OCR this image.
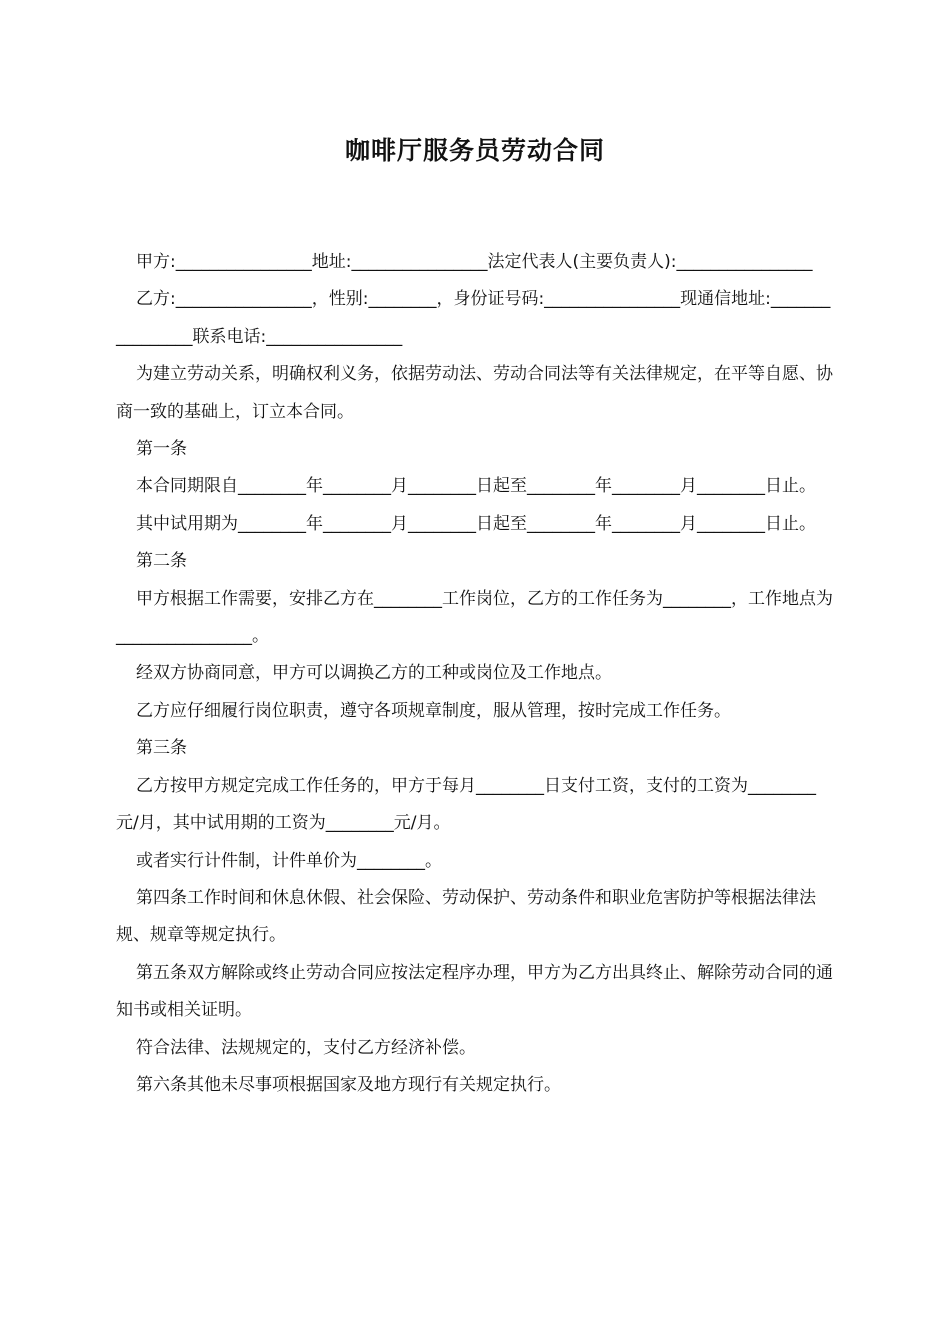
咖啡厅服务员劳动合同

甲方:________________地址:________________法定代表人(主要负责人):________________

乙方:________________，性别:________，身份证号码:________________现通信地址:________________联系电话:________________

为建立劳动关系，明确权利义务，依据劳动法、劳动合同法等有关法律规定，在平等自愿、协商一致的基础上，订立本合同。

第一条

本合同期限自________年________月________日起至________年________月________日止。

其中试用期为________年________月________日起至________年________月________日止。

第二条

甲方根据工作需要，安排乙方在________工作岗位，乙方的工作任务为________，工作地点为________________。

经双方协商同意，甲方可以调换乙方的工种或岗位及工作地点。

乙方应仔细履行岗位职责，遵守各项规章制度，服从管理，按时完成工作任务。

第三条

乙方按甲方规定完成工作任务的，甲方于每月________日支付工资，支付的工资为________元/月，其中试用期的工资为________元/月。

或者实行计件制，计件单价为________。

第四条工作时间和休息休假、社会保险、劳动保护、劳动条件和职业危害防护等根据法律法规、规章等规定执行。

第五条双方解除或终止劳动合同应按法定程序办理，甲方为乙方出具终止、解除劳动合同的通知书或相关证明。

符合法律、法规规定的，支付乙方经济补偿。

第六条其他未尽事项根据国家及地方现行有关规定执行。
